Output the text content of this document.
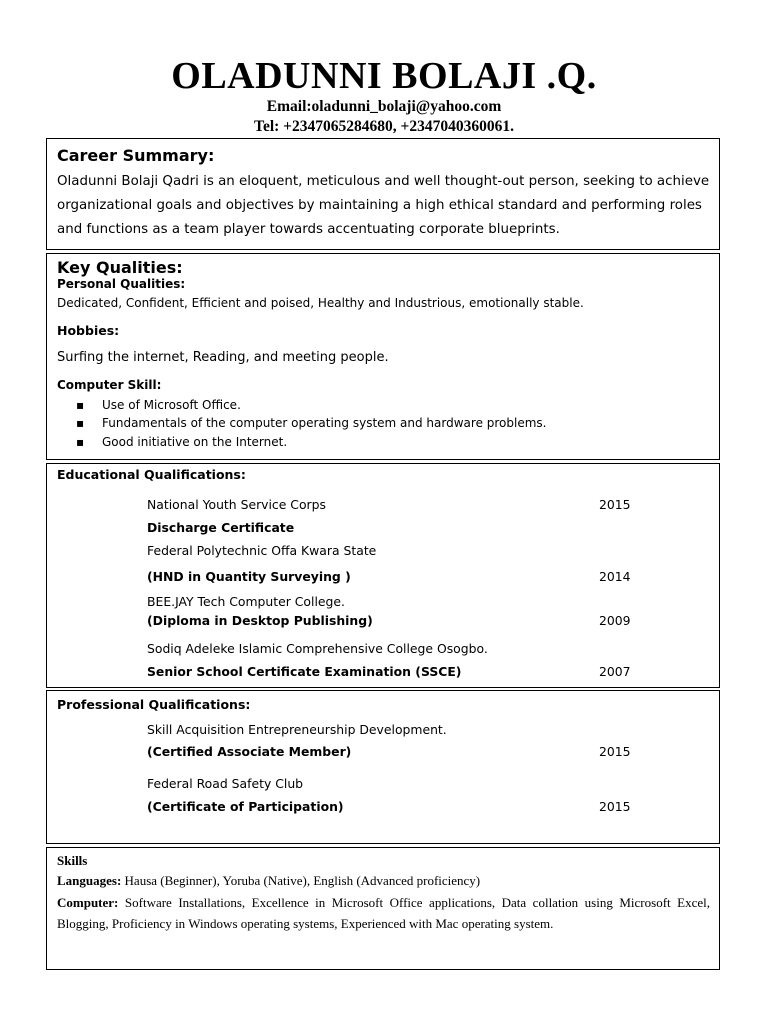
OLADUNNI BOLAJI .Q.
Email:oladunni_bolaji@yahoo.com
Tel: +2347065284680, +2347040360061.
Career Summary:
Oladunni Bolaji Qadri is an eloquent, meticulous and well thought-out person, seeking to achieve
organizational goals and objectives by maintaining a high ethical standard and performing roles
and functions as a team player towards accentuating corporate blueprints.
Key Qualities:
Personal Qualities:
Dedicated, Confident, Efficient and poised, Healthy and Industrious, emotionally stable.
Hobbies:
Surfing the internet, Reading, and meeting people.
Computer Skill:
▪ Use of Microsoft Office.
▪ Fundamentals of the computer operating system and hardware problems.
▪ Good initiative on the Internet.
Educational Qualifications:
National Youth Service Corps	2015
Discharge Certificate
Federal Polytechnic Offa Kwara State
(HND in Quantity Surveying )	2014
BEE.JAY Tech Computer College.
(Diploma in Desktop Publishing)	2009
Sodiq Adeleke Islamic Comprehensive College Osogbo.
Senior School Certificate Examination (SSCE)	2007
Professional Qualifications:
Skill Acquisition Entrepreneurship Development.
(Certified Associate Member)	2015
Federal Road Safety Club
(Certificate of Participation)	2015
Skills
Languages: Hausa (Beginner), Yoruba (Native), English (Advanced proficiency)
Computer: Software Installations, Excellence in Microsoft Office applications, Data collation using Microsoft Excel, Blogging, Proficiency in Windows operating systems, Experienced with Mac operating system.
